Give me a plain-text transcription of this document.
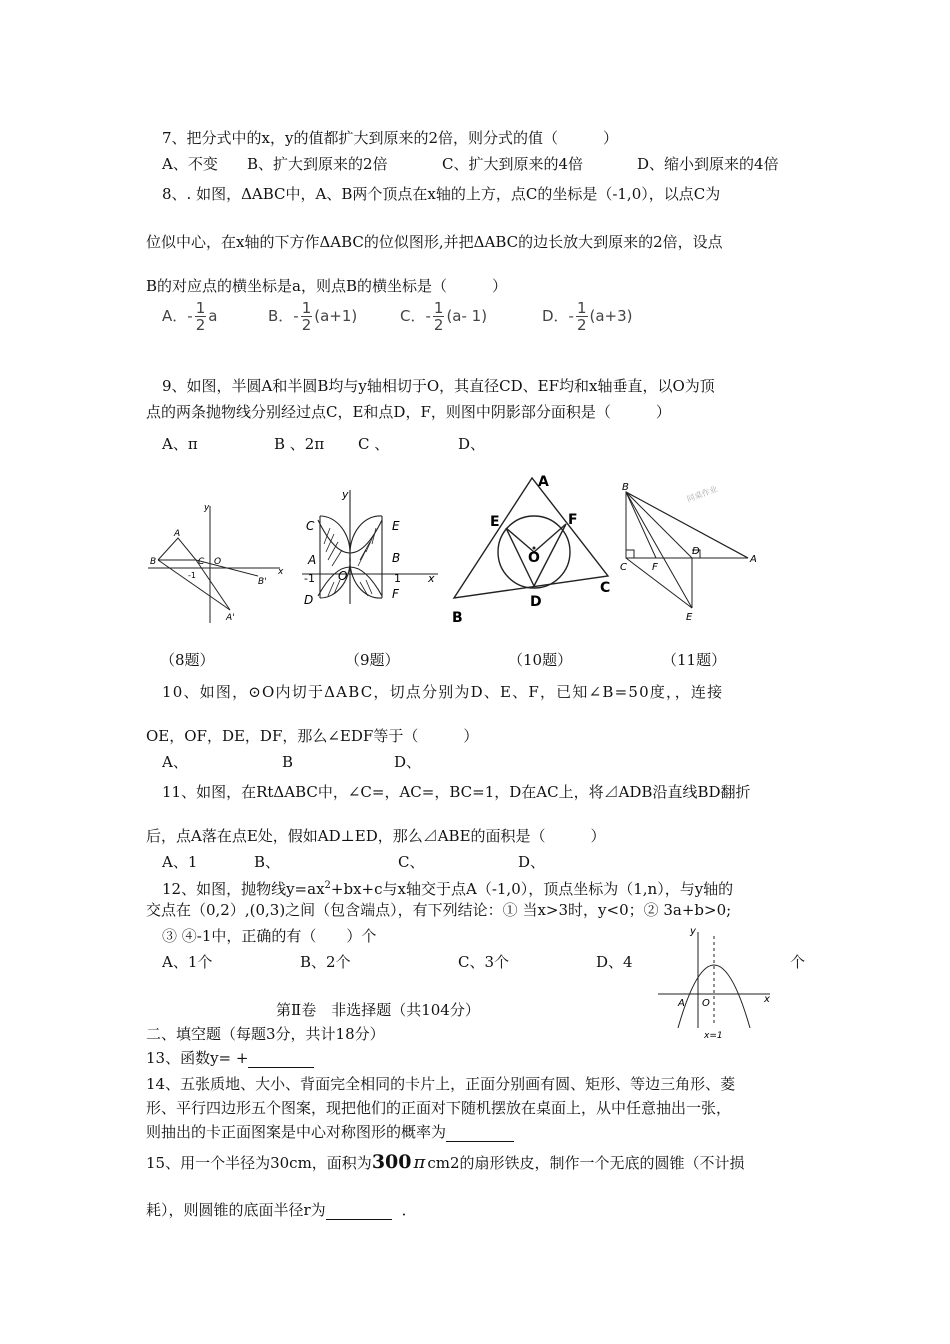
7、把分式中的x，y的值都扩大到原来的2倍，则分式的值（　　　）
A、不变 B、扩大到原来的2倍	C、扩大到原来的4倍	D、缩小到原来的4倍
8、. 如图，ΔABC中，A、B两个顶点在x轴的上方，点C的坐标是（-1,0），以点C为
位似中心，在x轴的下方作ΔABC的位似图形,并把ΔABC的边长放大到原来的2倍，设点
B的对应点的横坐标是a，则点B的横坐标是（　　　）
A．- $\frac{1}{2}$ a	B．- $\frac{1}{2} (a+1)$	C．- $\frac{1}{2} (a-$ 1)	D．- $\frac{1}{2} (a+3)$
9、如图，半圆A和半圆B均与y轴相切于O，其直径CD、EF均和x轴垂直，以O为顶
点的两条抛物线分别经过点C，E和点D，F，则图中阴影部分面积是（　　　）
A、π	B 、2π C 、	D、
y
A
B	C O
-1
B'
x
A'
y
C	E
A	B
-1 O	1 x
D	F
A
E	F
O
B
D
C
同桌作业
B
C	F
D
A
E
（8题）	（9题）	（10题）	（11题）
10、如图，⊙O内切于ΔABC，切点分别为D、E、F，已知∠B=50度，，连接
OE，OF，DE，DF，那么∠EDF等于（　　　）
A、	B	D、
11、如图，在RtΔABC中，∠C=，AC=，BC=1，D在AC上，将⊿ADB沿直线BD翻折
后，点A落在点E处，假如AD⊥ED，那么⊿ABE的面积是（　　　）
A、1	B、	C、	D、
12、如图，抛物线$y=ax^2+bx+c$与x轴交于点A（-1,0），顶点坐标为（1,n），与y轴的
交点在（0,2）,(0,3)之间（包含端点），有下列结论：① 当x>3时，y<0；② 3a+b>0;
③ ④-1中，正确的有（　　）个
A、1个	B、2个	C、3个	D、4	个
y
A O	x
x=1
第Ⅱ卷　非选择题（共104分）
二、填空题（每题3分，共计18分）
13、函数y= +
14、五张质地、大小、背面完全相同的卡片上，正面分别画有圆、矩形、等边三角形、菱
形、平行四边形五个图案，现把他们的正面对下随机摆放在桌面上，从中任意抽出一张，
则抽出的卡正面图案是中心对称图形的概率为
15、用一个半径为30cm，面积为300 π cm2的扇形铁皮，制作一个无底的圆锥（不计损
耗），则圆锥的底面半径r为	．
